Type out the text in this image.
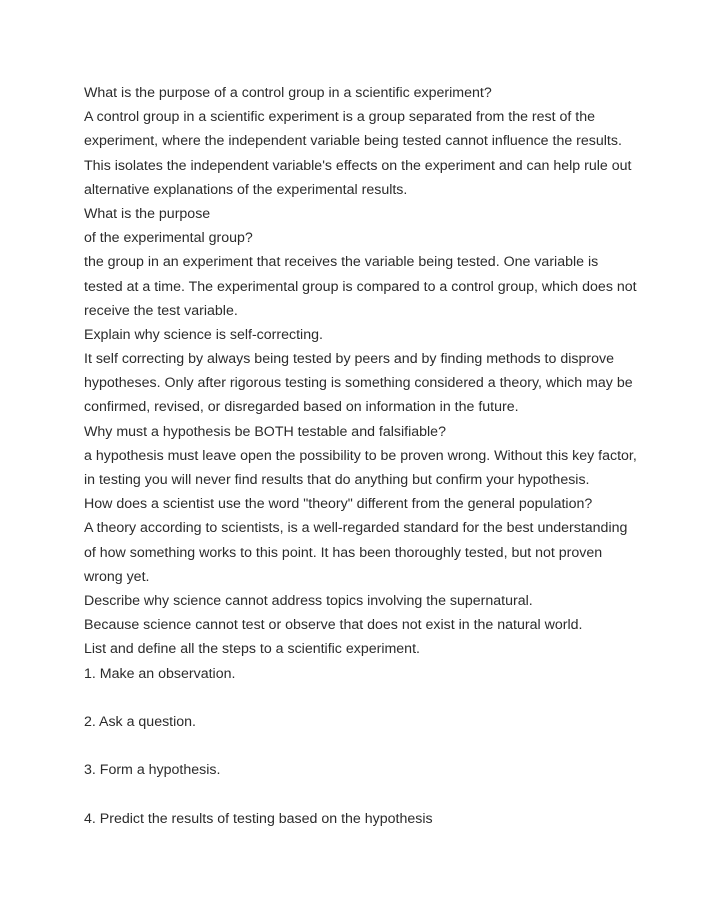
What is the purpose of a control group in a scientific experiment?

A control group in a scientific experiment is a group separated from the rest of the

experiment, where the independent variable being tested cannot influence the results.

This isolates the independent variable's effects on the experiment and can help rule out

alternative explanations of the experimental results.

What is the purpose

of the experimental group?

the group in an experiment that receives the variable being tested. One variable is

tested at a time. The experimental group is compared to a control group, which does not

receive the test variable.

Explain why science is self-correcting.

It self correcting by always being tested by peers and by finding methods to disprove

hypotheses. Only after rigorous testing is something considered a theory, which may be

confirmed, revised, or disregarded based on information in the future.

Why must a hypothesis be BOTH testable and falsifiable?

a hypothesis must leave open the possibility to be proven wrong. Without this key factor,

in testing you will never find results that do anything but confirm your hypothesis.

How does a scientist use the word "theory" different from the general population?

A theory according to scientists, is a well-regarded standard for the best understanding

of how something works to this point. It has been thoroughly tested, but not proven

wrong yet.

Describe why science cannot address topics involving the supernatural.

Because science cannot test or observe that does not exist in the natural world.

List and define all the steps to a scientific experiment.

1. Make an observation.

2. Ask a question.

3. Form a hypothesis.

4. Predict the results of testing based on the hypothesis
